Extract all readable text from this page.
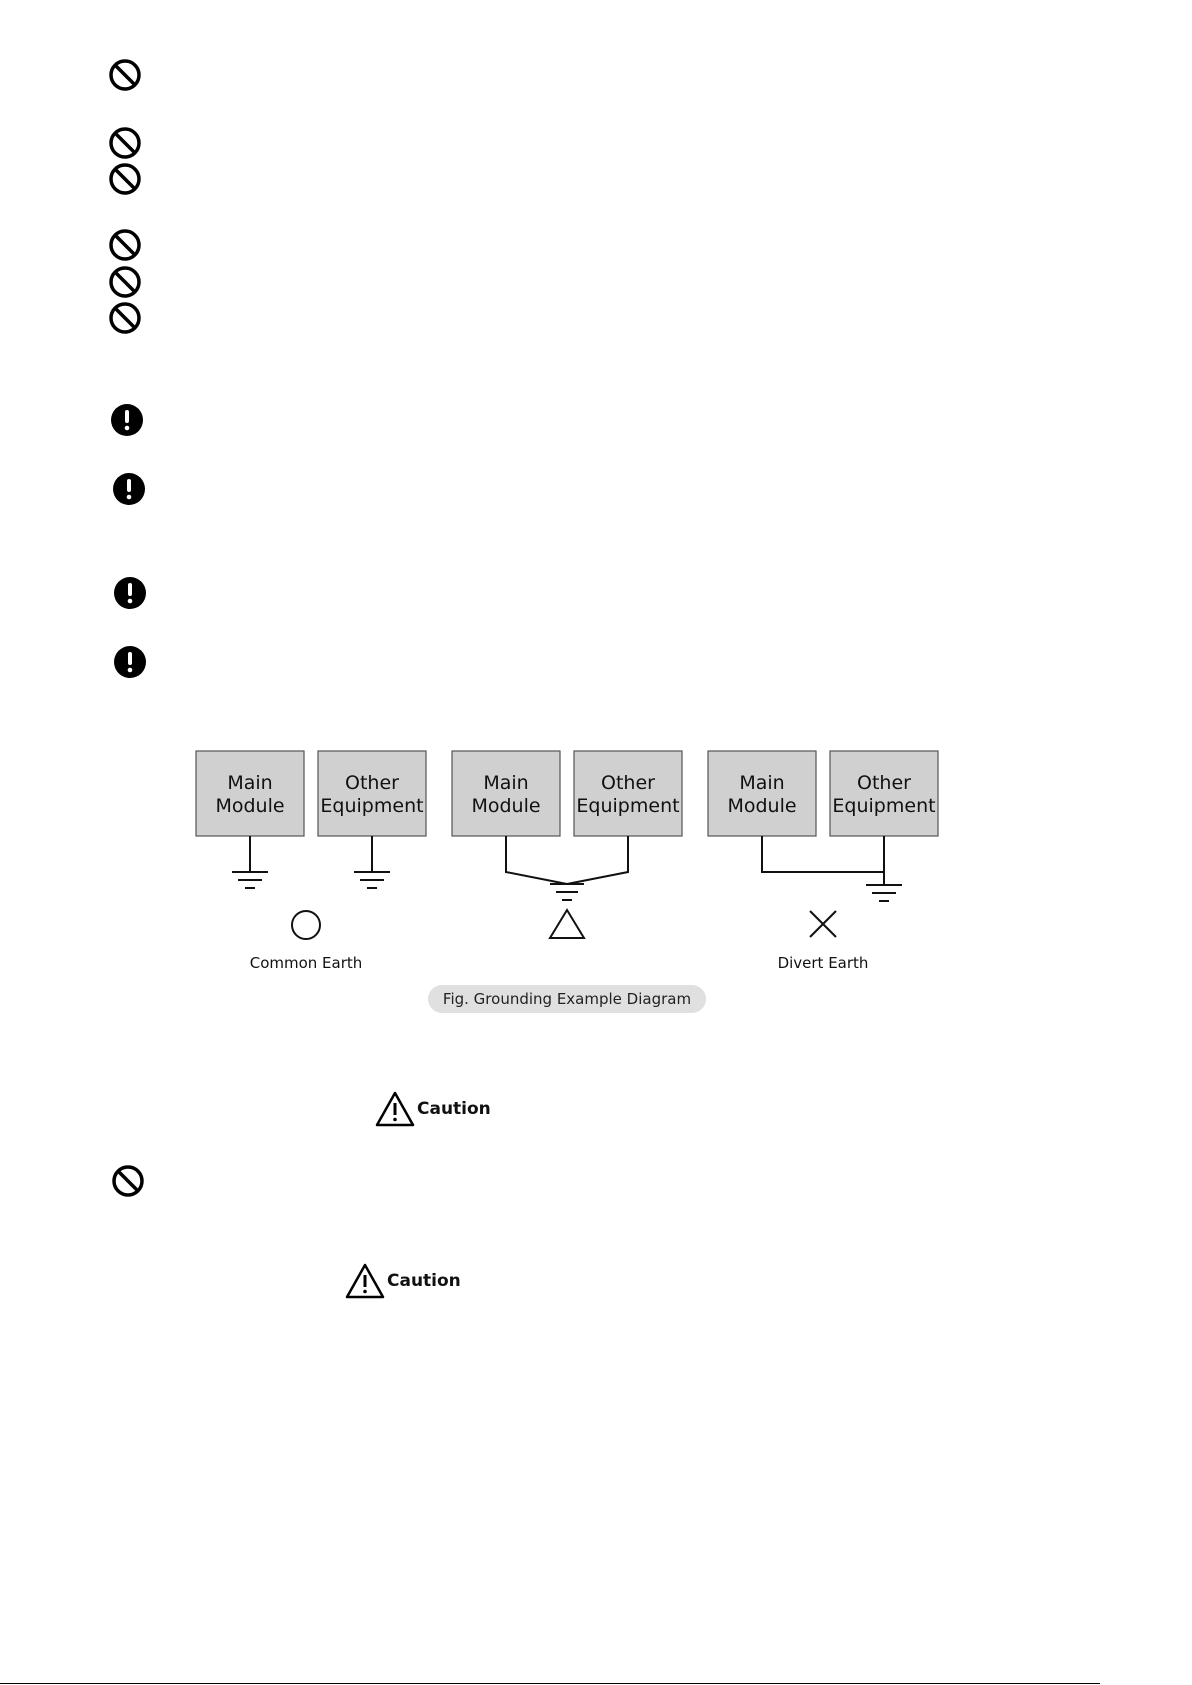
Main
Module
Other
Equipment
Common Earth
Main
Module
Other
Equipment
Main
Module
Other
Equipment
Divert Earth
Fig. Grounding Example Diagram
Caution
Caution
